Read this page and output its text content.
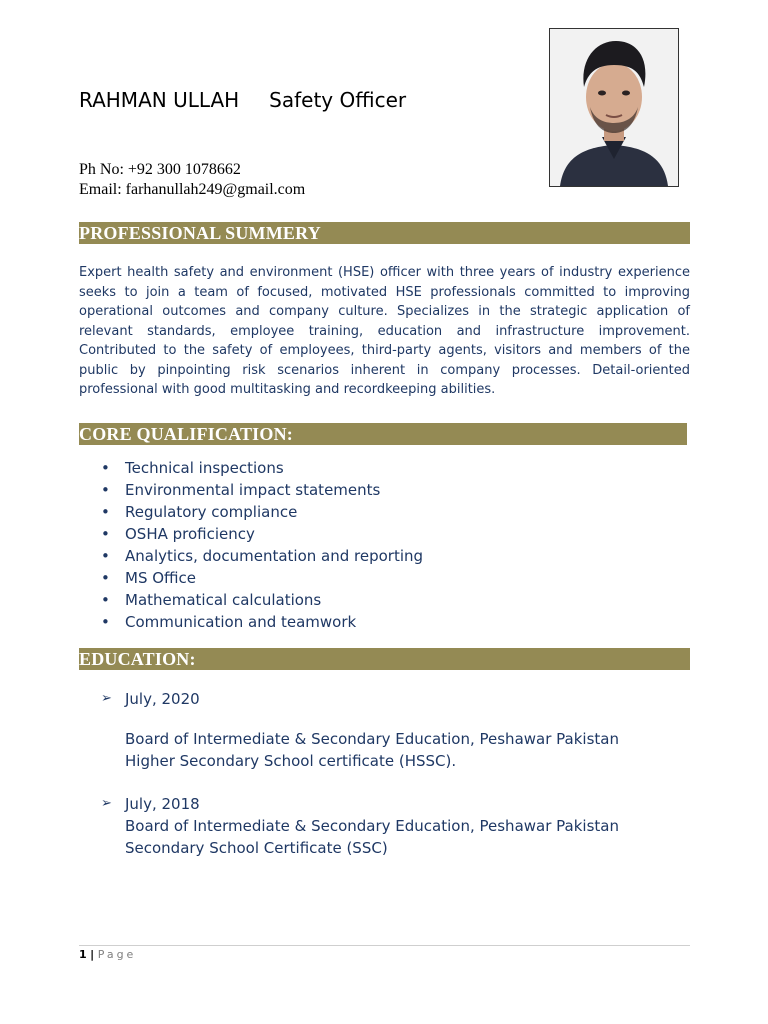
RAHMAN ULLAH Safety Officer
Ph No: +92 300 1078662
Email: farhanullah249@gmail.com
PROFESSIONAL SUMMERY

Expert health safety and environment (HSE) officer with three years of industry experience seeks to join a team of focused, motivated HSE professionals committed to improving operational outcomes and company culture. Specializes in the strategic application of relevant standards, employee training, education and infrastructure improvement. Contributed to the safety of employees, third-party agents, visitors and members of the public by pinpointing risk scenarios inherent in company processes. Detail-oriented professional with good multitasking and recordkeeping abilities.

CORE QUALIFICATION:
• Technical inspections
• Environmental impact statements
• Regulatory compliance
• OSHA proficiency
• Analytics, documentation and reporting
• MS Office
• Mathematical calculations
• Communication and teamwork
EDUCATION:
➢ July, 2020
Board of Intermediate & Secondary Education, Peshawar Pakistan
Higher Secondary School certificate (HSSC).
➢ July, 2018
Board of Intermediate & Secondary Education, Peshawar Pakistan
Secondary School Certificate (SSC)
1 | Page
